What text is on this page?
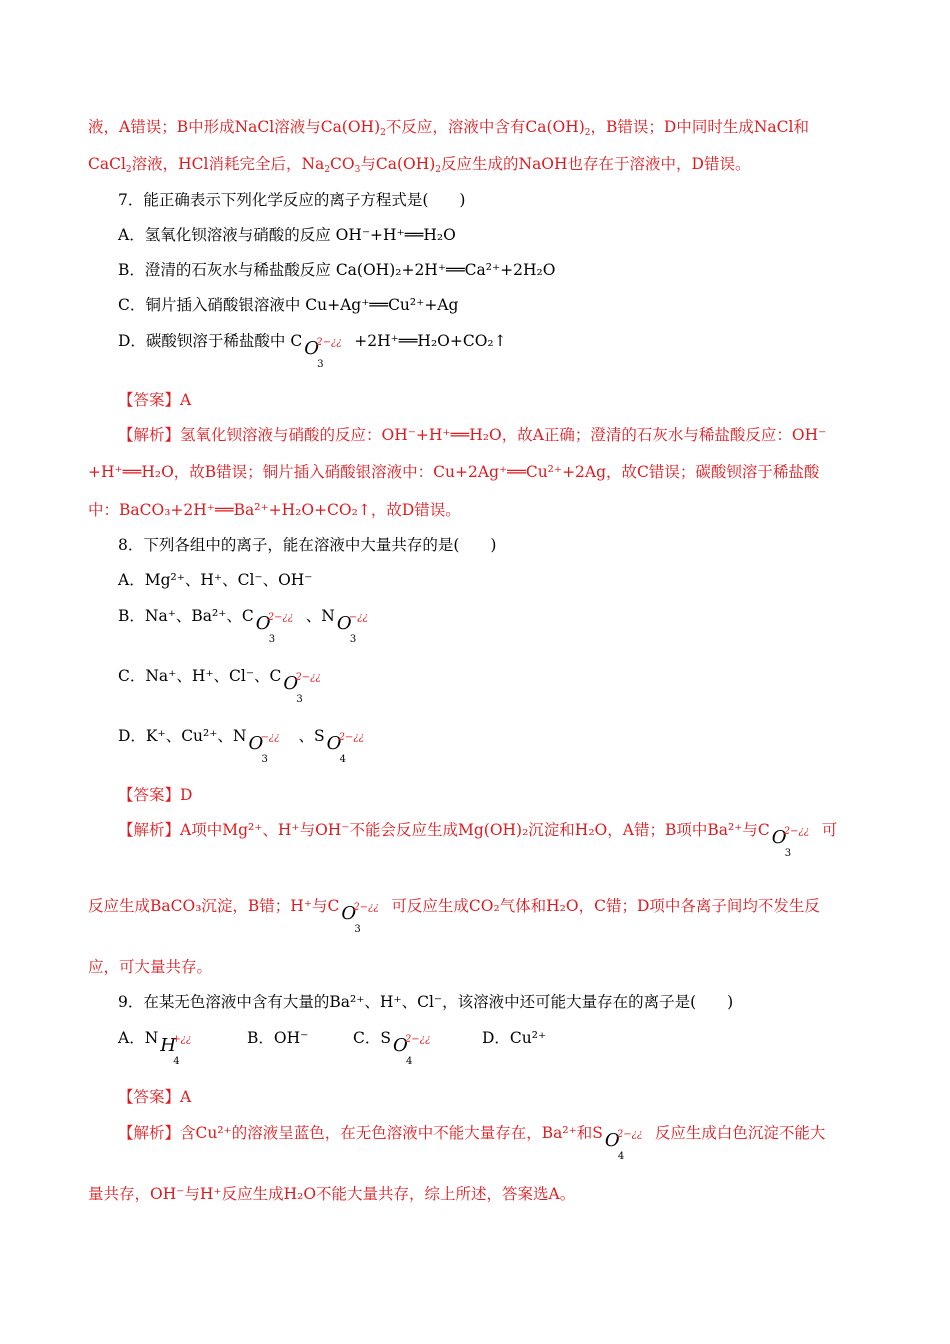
液，A错误；B中形成NaCl溶液与$Ca(OH)_2$不反应，溶液中含有$Ca(OH)_2$，B错误；D中同时生成NaCl和
CaCl$_2$溶液，HCl消耗完全后，$Na_2CO_3$与$Ca(OH)_2$反应生成的NaOH也存在于溶液中，D错误。
7．能正确表示下列化学反应的离子方程式是(　　)
A．氢氧化钡溶液与硝酸的反应 OH⁻+H⁺══H₂O
B．澄清的石灰水与稀盐酸反应 Ca(OH)₂+2H⁺══Ca²⁺+2H₂O
C．铜片插入硝酸银溶液中 Cu+Ag⁺══Cu²⁺+Ag
D．碳酸钡溶于稀盐酸中 C O
3
2−¿¿ +2H⁺══H₂O+CO₂↑
【答案】A
【解析】氢氧化钡溶液与硝酸的反应：OH⁻+H⁺══H₂O，故A正确；澄清的石灰水与稀盐酸反应：OH⁻
+H⁺══H₂O，故B错误；铜片插入硝酸银溶液中：Cu+2Ag⁺══Cu²⁺+2Ag，故C错误；碳酸钡溶于稀盐酸
中：BaCO₃+2H⁺══Ba²⁺+H₂O+CO₂↑，故D错误。
8．下列各组中的离子，能在溶液中大量共存的是(　　)
A．Mg²⁺、H⁺、Cl⁻、OH⁻
B．Na⁺、Ba²⁺、C O
3
2−¿¿ 、N O
3
−¿¿
C．Na⁺、H⁺、Cl⁻、C O
3
2−¿¿
D．K⁺、Cu²⁺、N O
3
−¿¿ 、S O
4
2−¿¿
【答案】D
【解析】A项中Mg²⁺、H⁺与OH⁻不能会反应生成Mg(OH)₂沉淀和H₂O，A错；B项中Ba²⁺与C O
3
2−¿¿ 可
反应生成BaCO₃沉淀，B错；H⁺与C O
3
2−¿¿ 可反应生成CO₂气体和H₂O，C错；D项中各离子间均不发生反
应，可大量共存。
9．在某无色溶液中含有大量的Ba²⁺、H⁺、Cl⁻，该溶液中还可能大量存在的离子是(　　)
A．N H
4
+¿¿	B．OH⁻	C．S O
4
2−¿¿	D．Cu²⁺
【答案】A
【解析】含Cu²⁺的溶液呈蓝色，在无色溶液中不能大量存在，Ba²⁺和S O
4
2−¿¿ 反应生成白色沉淀不能大
量共存，OH⁻与H⁺反应生成H₂O不能大量共存，综上所述，答案选A。
